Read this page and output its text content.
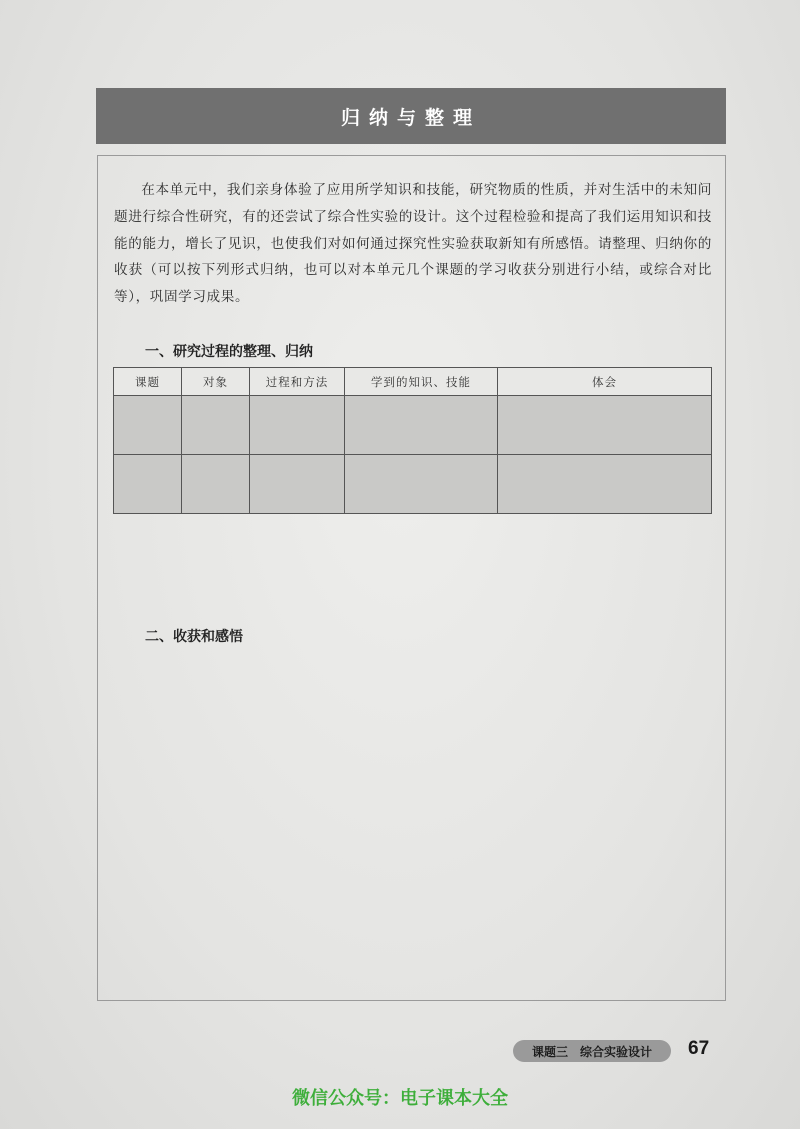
归纳与整理

在本单元中，我们亲身体验了应用所学知识和技能，研究物质的性质，并对生活中的未知问题进行综合性研究，有的还尝试了综合性实验的设计。这个过程检验和提高了我们运用知识和技能的能力，增长了见识，也使我们对如何通过探究性实验获取新知有所感悟。请整理、归纳你的收获（可以按下列形式归纳，也可以对本单元几个课题的学习收获分别进行小结，或综合对比等），巩固学习成果。

一、研究过程的整理、归纳
课题	对象	过程和方法	学到的知识、技能	体会

二、收获和感悟
课题三 综合实验设计 67
微信公众号：电子课本大全
